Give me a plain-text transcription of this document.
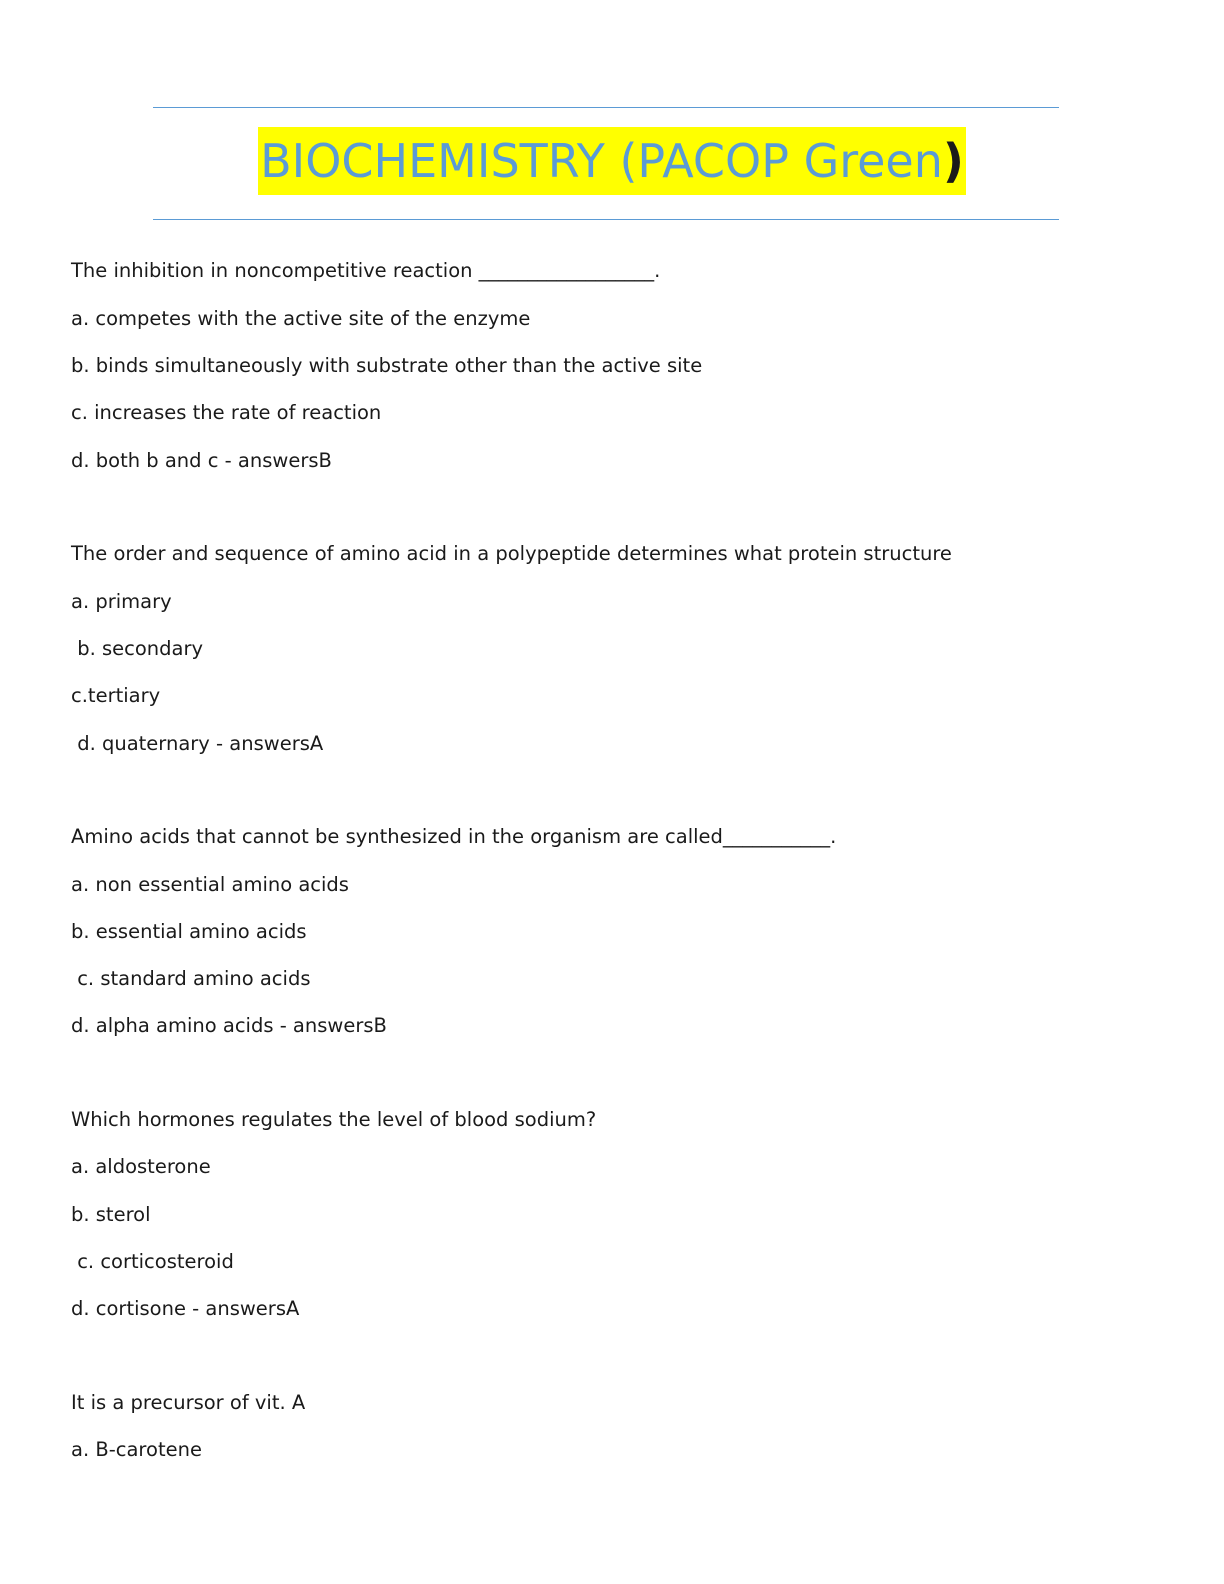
BIOCHEMISTRY (PACOP Green)
The inhibition in noncompetitive reaction __________________.
a. competes with the active site of the enzyme
b. binds simultaneously with substrate other than the active site
c. increases the rate of reaction
d. both b and c - answersB
The order and sequence of amino acid in a polypeptide determines what protein structure
a. primary
b. secondary
c.tertiary
d. quaternary - answersA
Amino acids that cannot be synthesized in the organism are called___________.
a. non essential amino acids
b. essential amino acids
c. standard amino acids
d. alpha amino acids - answersB
Which hormones regulates the level of blood sodium?
a. aldosterone
b. sterol
c. corticosteroid
d. cortisone - answersA
It is a precursor of vit. A
a. B-carotene
